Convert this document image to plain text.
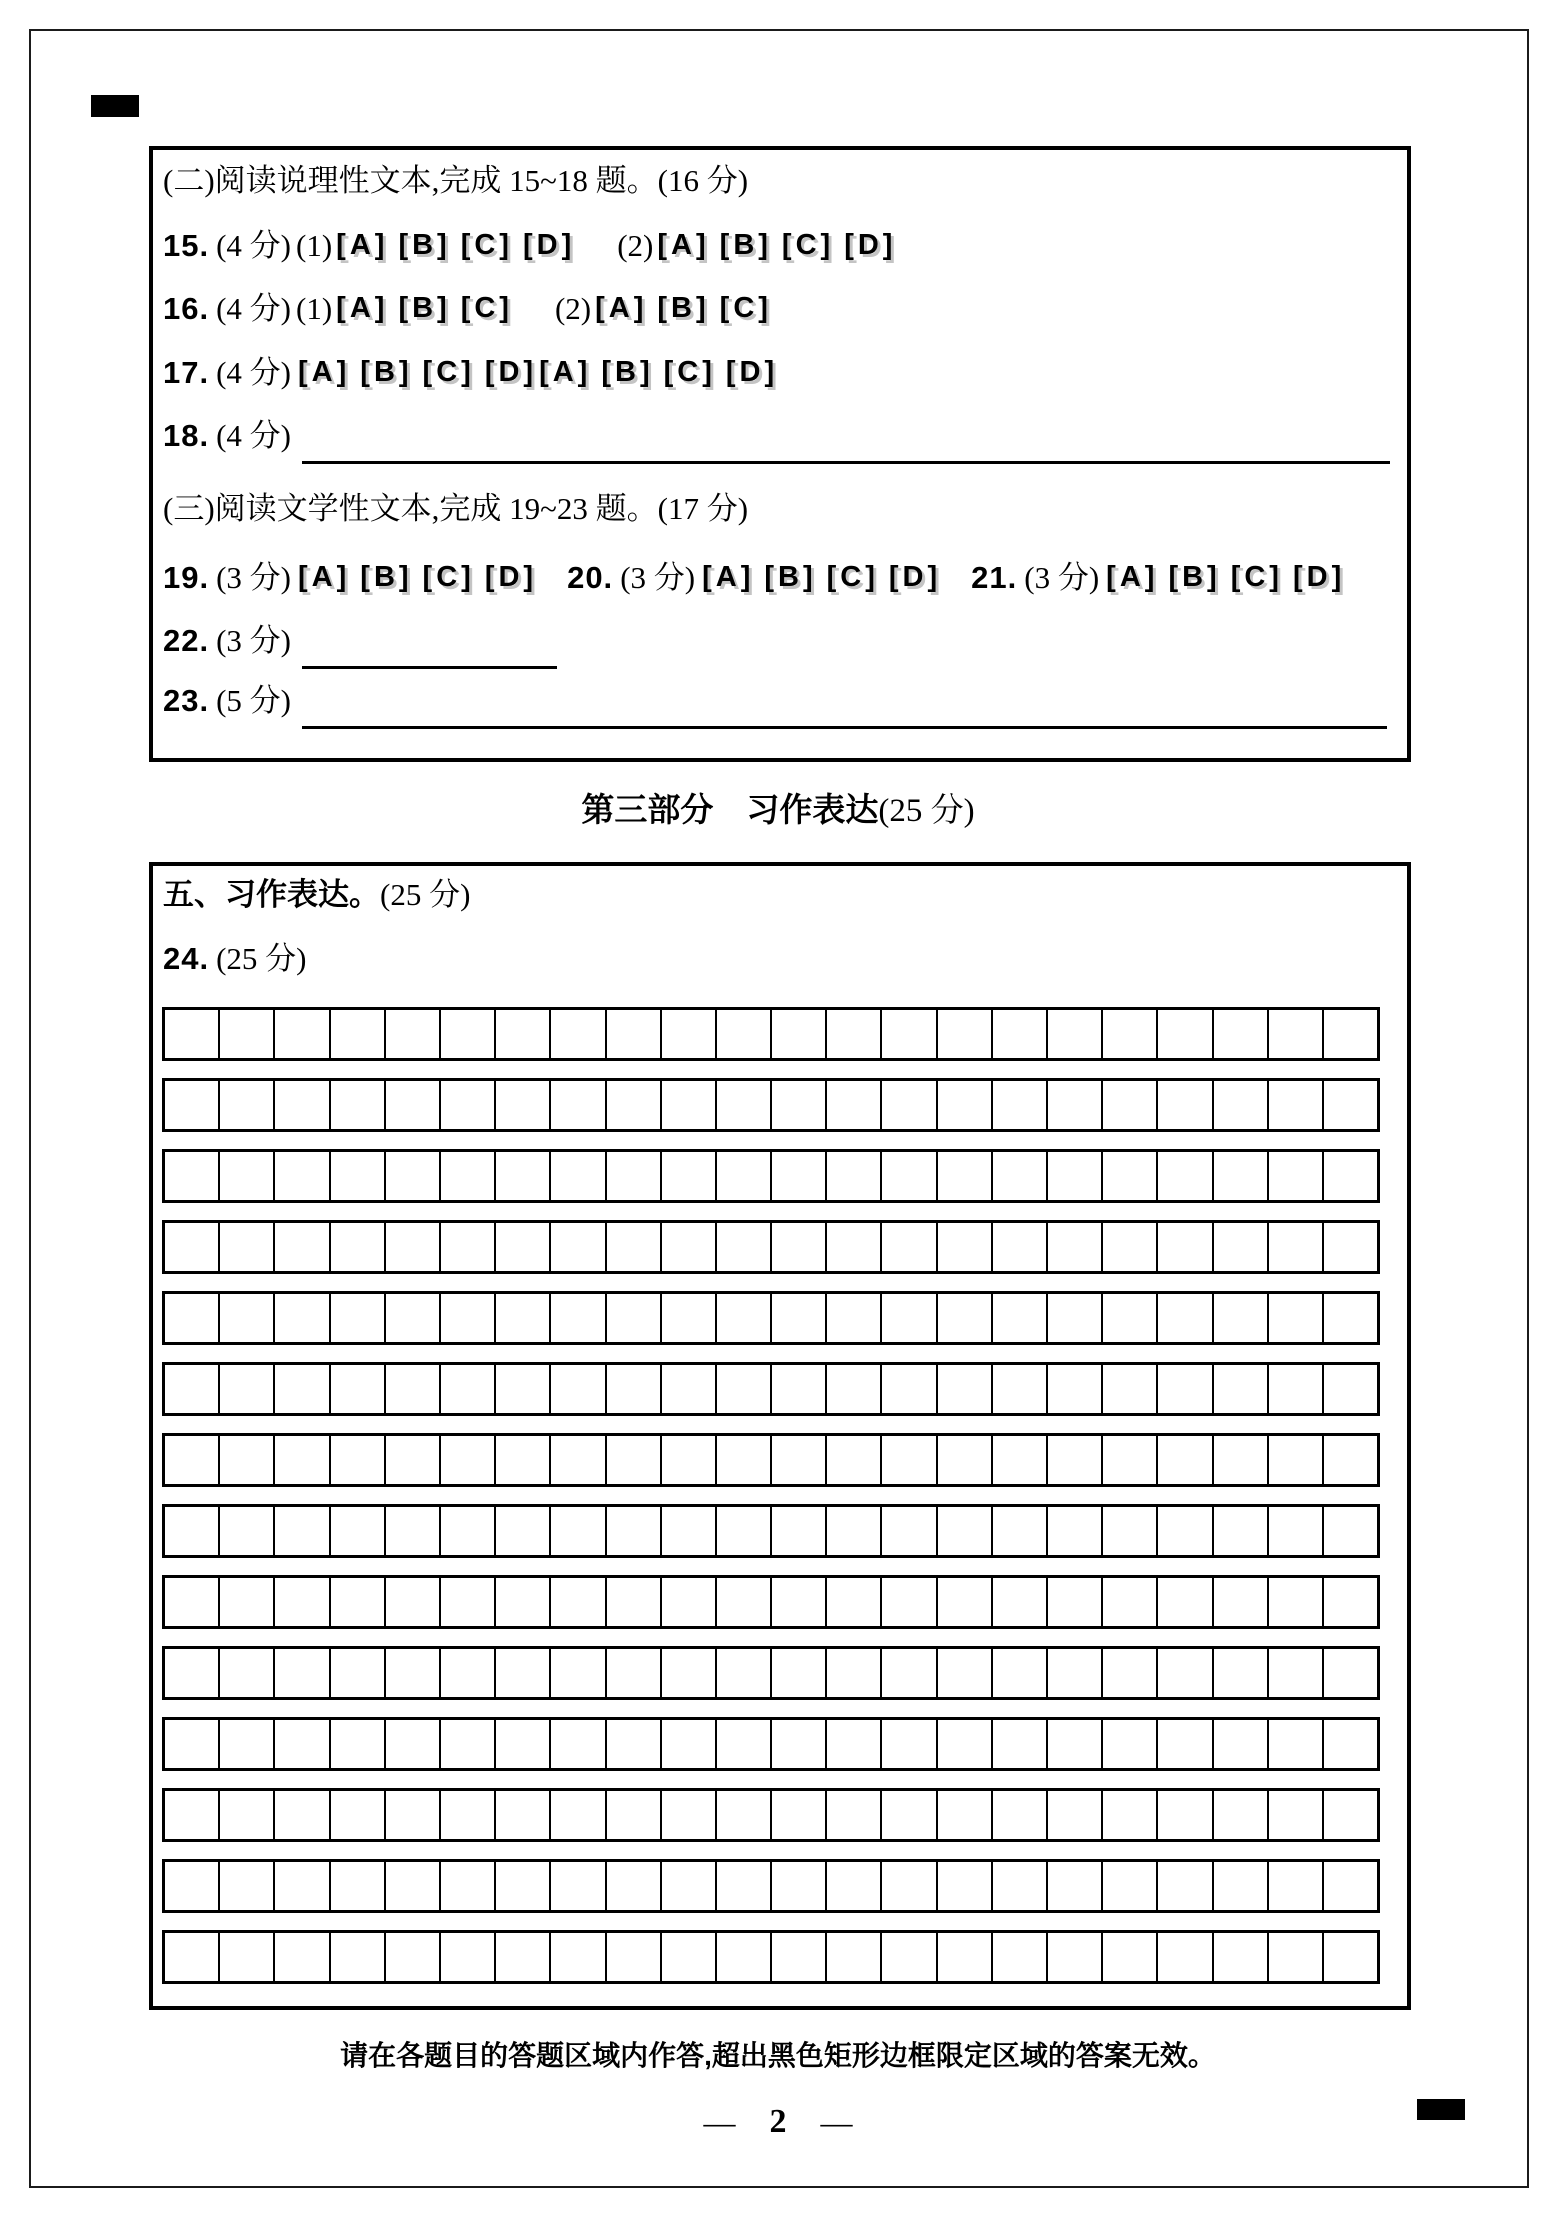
(二)阅读说理性文本,完成 15~18 题。(16 分)
15. (4 分) (1) [A] [B] [C] [D] (2) [A] [B] [C] [D]
16. (4 分) (1) [A] [B] [C] (2) [A] [B] [C]
17. (4 分) [A] [B] [C] [D] [A] [B] [C] [D]
18. (4 分)
(三)阅读文学性文本,完成 19~23 题。(17 分)
19. (3 分) [A] [B] [C] [D] 20. (3 分) [A] [B] [C] [D] 21. (3 分) [A] [B] [C] [D]
22. (3 分)
23. (5 分)
第三部分　习作表达(25 分)
五、习作表达。 (25 分)
24. (25 分)
请在各题目的答题区域内作答,超出黑色矩形边框限定区域的答案无效。
— 2 —
